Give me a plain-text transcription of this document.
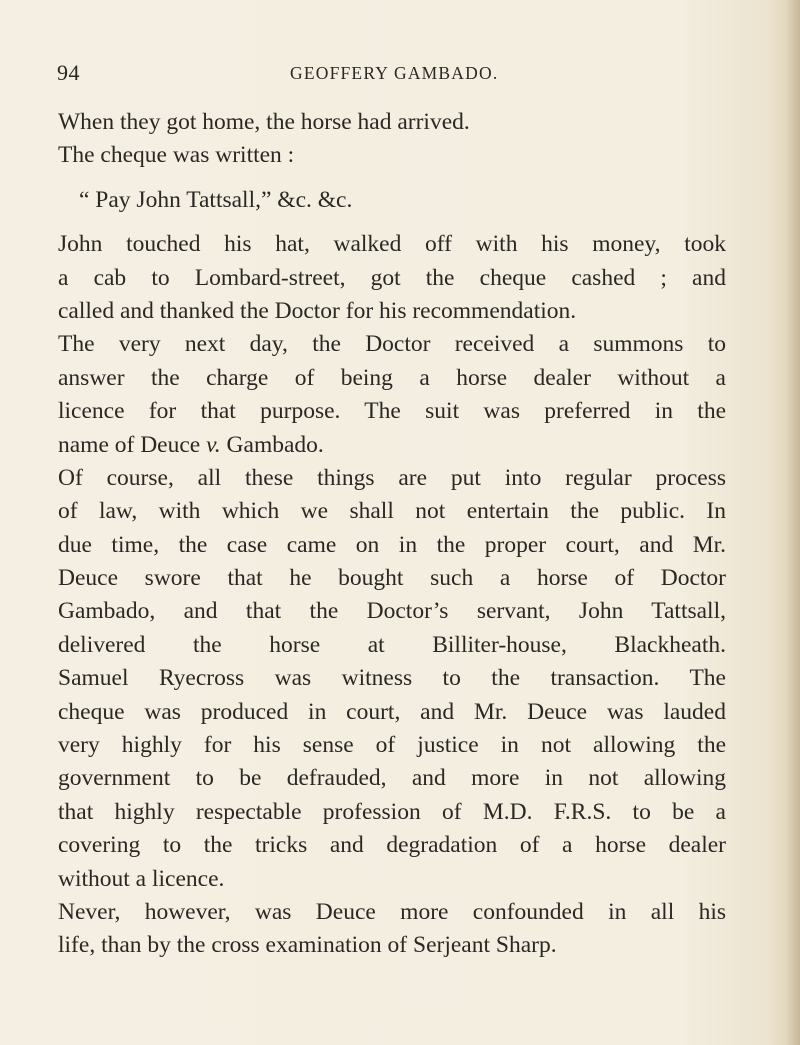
94	GEOFFERY GAMBADO.
When they got home, the horse had arrived.
The cheque was written :
“ Pay John Tattsall,” &c. &c.
John touched his hat, walked off with his money, took
a cab to Lombard-street, got the cheque cashed ; and
called and thanked the Doctor for his recommendation.
The very next day, the Doctor received a summons to
answer the charge of being a horse dealer without a
licence for that purpose. The suit was preferred in the
name of Deuce v. Gambado.
Of course, all these things are put into regular process
of law, with which we shall not entertain the public. In
due time, the case came on in the proper court, and Mr.
Deuce swore that he bought such a horse of Doctor
Gambado, and that the Doctor’s servant, John Tattsall,
delivered the horse at Billiter-house, Blackheath.
Samuel Ryecross was witness to the transaction. The
cheque was produced in court, and Mr. Deuce was lauded
very highly for his sense of justice in not allowing the
government to be defrauded, and more in not allowing
that highly respectable profession of M.D. F.R.S. to be a
covering to the tricks and degradation of a horse dealer
without a licence.
Never, however, was Deuce more confounded in all his
life, than by the cross examination of Serjeant Sharp.
